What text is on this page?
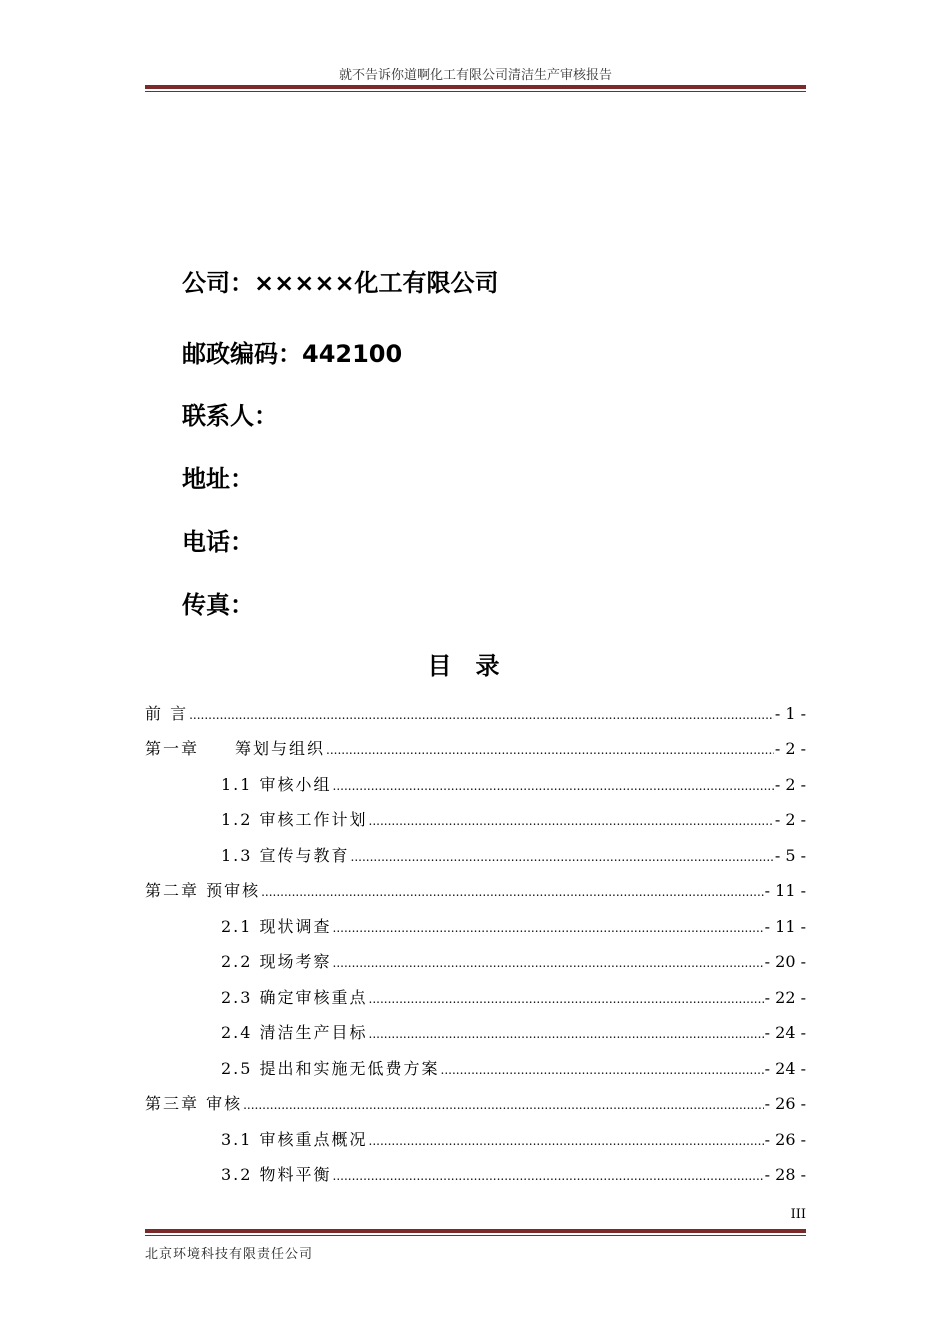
就不告诉你道啊化工有限公司清洁生产审核报告
公司：×××××化工有限公司
邮政编码：442100
联系人：
地址：
电话：
传真：
目录
前 言 .....	- 1 -
第一章　　筹划与组织 .....	- 2 -
1.1 审核小组 .....	- 2 -
1.2 审核工作计划 .....	- 2 -
1.3 宣传与教育 .....	- 5 -
第二章 预审核 .....	- 11 -
2.1 现状调查 .....	- 11 -
2.2 现场考察 .....	- 20 -
2.3 确定审核重点 .....	- 22 -
2.4 清洁生产目标 .....	- 24 -
2.5 提出和实施无低费方案 .....	- 24 -
第三章 审核 .....	- 26 -
3.1 审核重点概况 .....	- 26 -
3.2 物料平衡 .....	- 28 -
III
北京环境科技有限责任公司
